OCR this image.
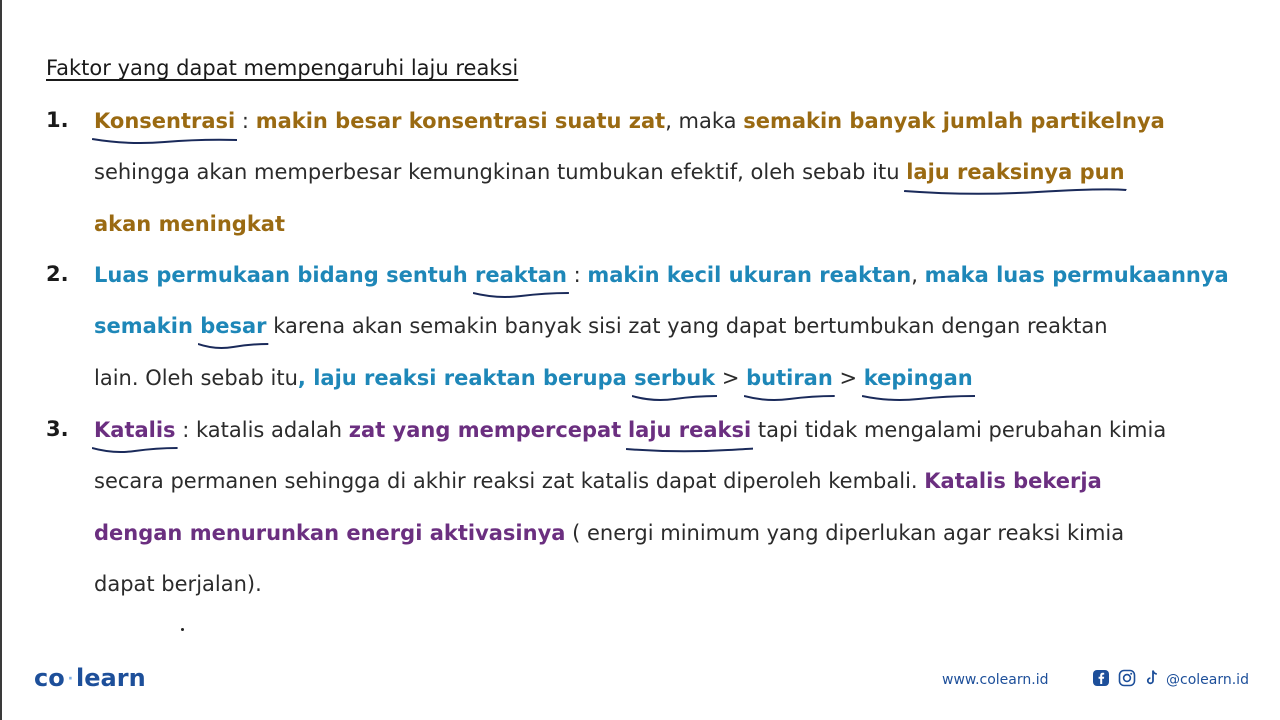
Faktor yang dapat mempengaruhi laju reaksi
1. Konsentrasi
: makin besar konsentrasi suatu zat, maka semakin banyak jumlah partikelnya
sehingga akan memperbesar kemungkinan tumbukan efektif, oleh sebab itu laju reaksinya pun
akan meningkat
2. Luas permukaan bidang sentuh reaktan
: makin kecil ukuran reaktan, maka luas permukaannya
semakin besar
karena akan semakin banyak sisi zat yang dapat bertumbukan dengan reaktan
lain. Oleh sebab itu, laju reaksi reaktan berupa serbuk
> butiran
> kepingan
3. Katalis
: katalis adalah zat yang mempercepat laju reaksi
tapi tidak mengalami perubahan kimia
secara permanen sehingga di akhir reaksi zat katalis dapat diperoleh kembali. Katalis bekerja
dengan menurunkan energi aktivasinya ( energi minimum yang diperlukan agar reaksi kimia
dapat berjalan).
co · learn	www.colearn.id	@colearn.id
